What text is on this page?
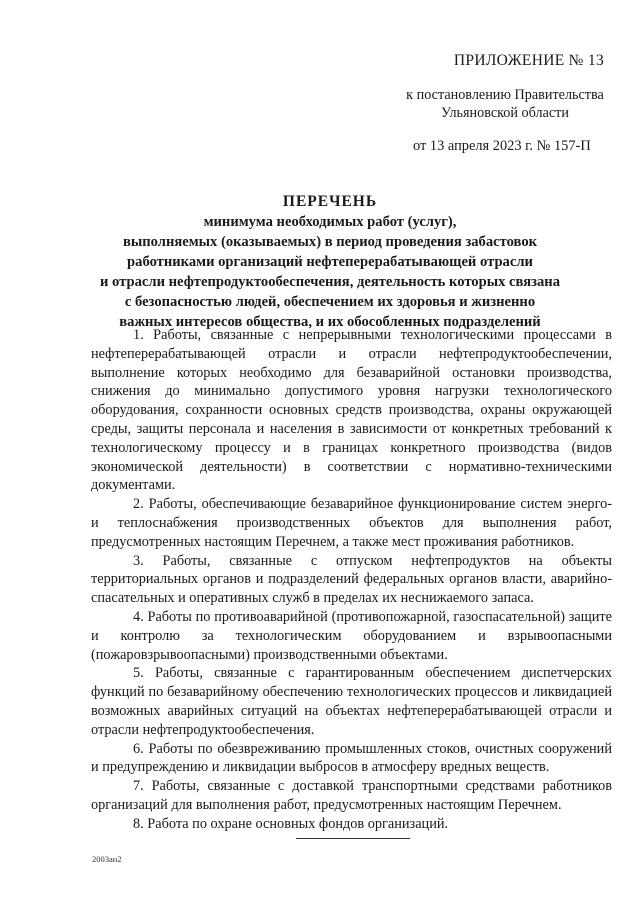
ПРИЛОЖЕНИЕ № 13
к постановлению Правительства
Ульяновской области
от 13 апреля 2023 г. № 157-П
ПЕРЕЧЕНЬ
минимума необходимых работ (услуг),
выполняемых (оказываемых) в период проведения забастовок
работниками организаций нефтеперерабатывающей отрасли
и отрасли нефтепродуктообеспечения, деятельность которых связана
с безопасностью людей, обеспечением их здоровья и жизненно
важных интересов общества, и их обособленных подразделений

1. Работы, связанные с непрерывными технологическими процессами в нефтеперерабатывающей отрасли и отрасли нефтепродуктообеспечении, выполнение которых необходимо для безаварийной остановки производства, снижения до минимально допустимого уровня нагрузки технологического оборудования, сохранности основных средств производства, охраны окружающей среды, защиты персонала и населения в зависимости от конкретных требований к технологическому процессу и в границах конкретного производства (видов экономической деятельности) в соответствии с нормативно-техническими документами.

2. Работы, обеспечивающие безаварийное функционирование систем энерго- и теплоснабжения производственных объектов для выполнения работ, предусмотренных настоящим Перечнем, а также мест проживания работников.

3. Работы, связанные с отпуском нефтепродуктов на объекты территориальных органов и подразделений федеральных органов власти, аварийно-спасательных и оперативных служб в пределах их неснижаемого запаса.

4. Работы по противоаварийной (противопожарной, газоспасательной) защите и контролю за технологическим оборудованием и взрывоопасными (пожаровзрывоопасными) производственными объектами.

5. Работы, связанные с гарантированным обеспечением диспетчерских функций по безаварийному обеспечению технологических процессов и ликвидацией возможных аварийных ситуаций на объектах нефтеперерабатывающей отрасли и отрасли нефтепродуктообеспечения.

6. Работы по обезвреживанию промышленных стоков, очистных сооружений и предупреждению и ликвидации выбросов в атмосферу вредных веществ.

7. Работы, связанные с доставкой транспортными средствами работников организаций для выполнения работ, предусмотренных настоящим Перечнем.

8. Работа по охране основных фондов организаций.

2003ан2
